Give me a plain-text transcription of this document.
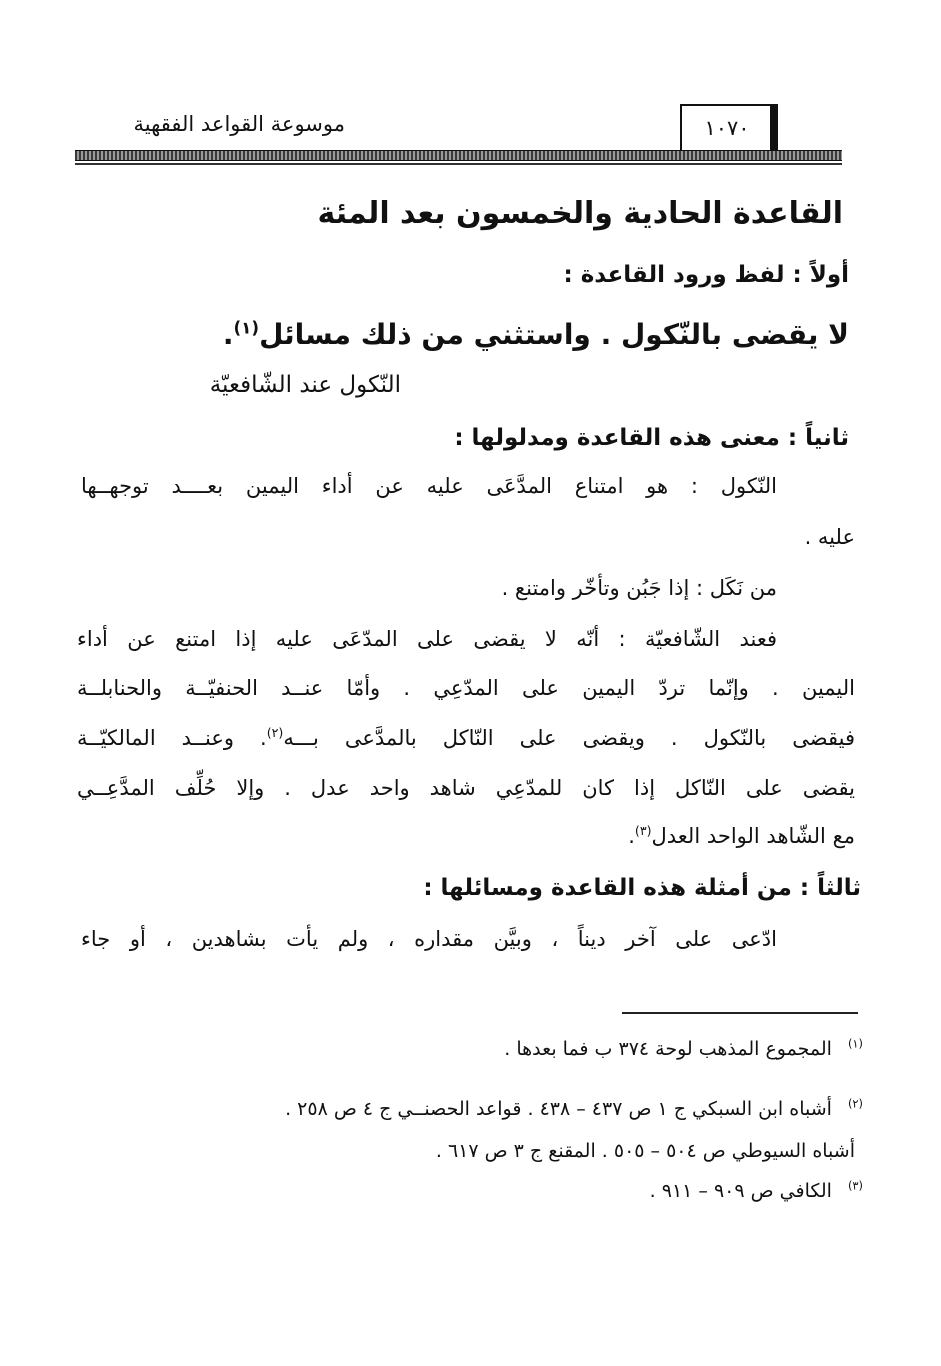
موسوعة القواعد الفقهية	١٠٧٠
القاعدة الحادية والخمسون بعد المئة
أولاً : لفظ ورود القاعدة :
لا يقضى بالنّكول . واستثني من ذلك مسائل$^{(١)}$.
النّكول عند الشّافعيّة
ثانياً : معنى هذه القاعدة ومدلولها :
النّكول : هو امتناع المدَّعَى عليه عن أداء اليمين بعــــد توجهــها
عليه .
من نَكَل : إذا جَبُن وتأخّر وامتنع .
فعند الشّافعيّة : أنّه لا يقضى على المدّعَى عليه إذا امتنع عن أداء
اليمين . وإنّما تردّ اليمين على المدّعِي . وأمّا عنــد الحنفيّــة والحنابلــة
فيقضى بالنّكول . ويقضى على النّاكل بالمدَّعى بـــه$^{(٢)}$. وعنــد المالكيّــة
يقضى على النّاكل إذا كان للمدّعِي شاهد واحد عدل . وإلا حُلِّف المدَّعِــي
مع الشّاهد الواحد العدل$^{(٣)}$.
ثالثاً : من أمثلة هذه القاعدة ومسائلها :
ادّعى على آخر ديناً ، وبيَّن مقداره ، ولم يأت بشاهدين ، أو جاء
$^{(١)}$ المجموع المذهب لوحة ٣٧٤ ب فما بعدها .
$^{(٢)}$ أشباه ابن السبكي ج ١ ص ٤٣٧ – ٤٣٨ . قواعد الحصنــي ج ٤ ص ٢٥٨ .
أشباه السيوطي ص ٥٠٤ – ٥٠٥ . المقنع ج ٣ ص ٦١٧ .
$^{(٣)}$ الكافي ص ٩٠٩ – ٩١١ .
